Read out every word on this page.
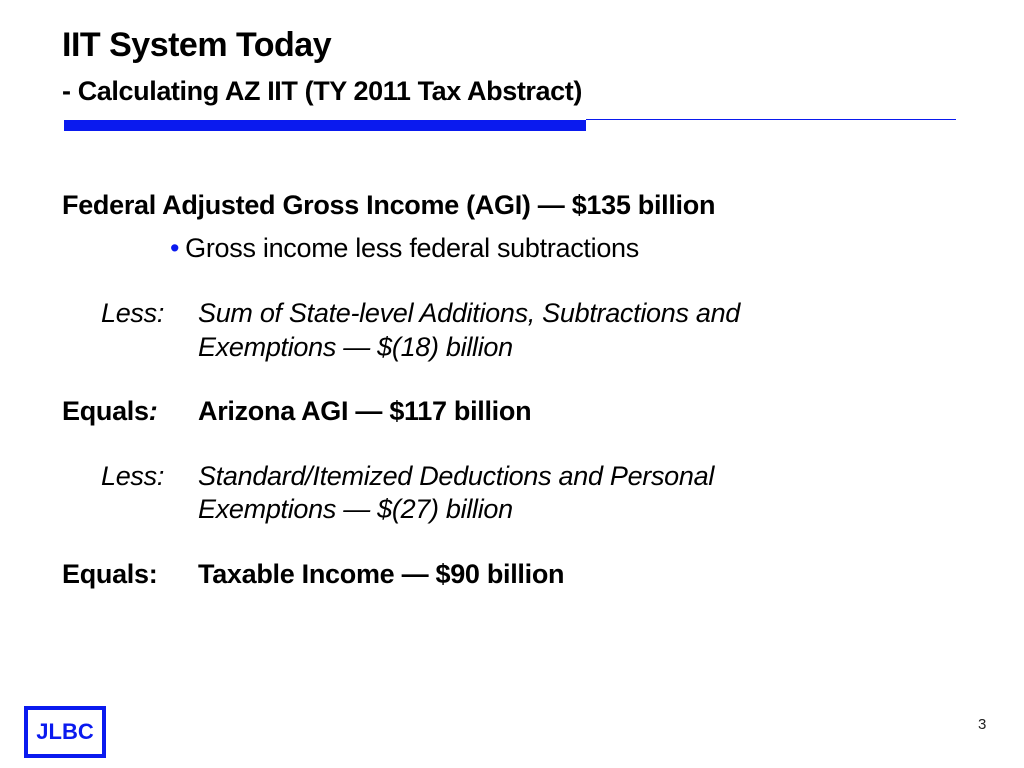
IIT System Today
- Calculating AZ IIT (TY 2011 Tax Abstract)
Federal Adjusted Gross Income (AGI) — $135 billion
• Gross income less federal subtractions
Less: Sum of State-level Additions, Subtractions and
Exemptions — $(18) billion
Equals: Arizona AGI — $117 billion
Less: Standard/Itemized Deductions and Personal
Exemptions — $(27) billion
Equals: Taxable Income — $90 billion
JLBC	3
